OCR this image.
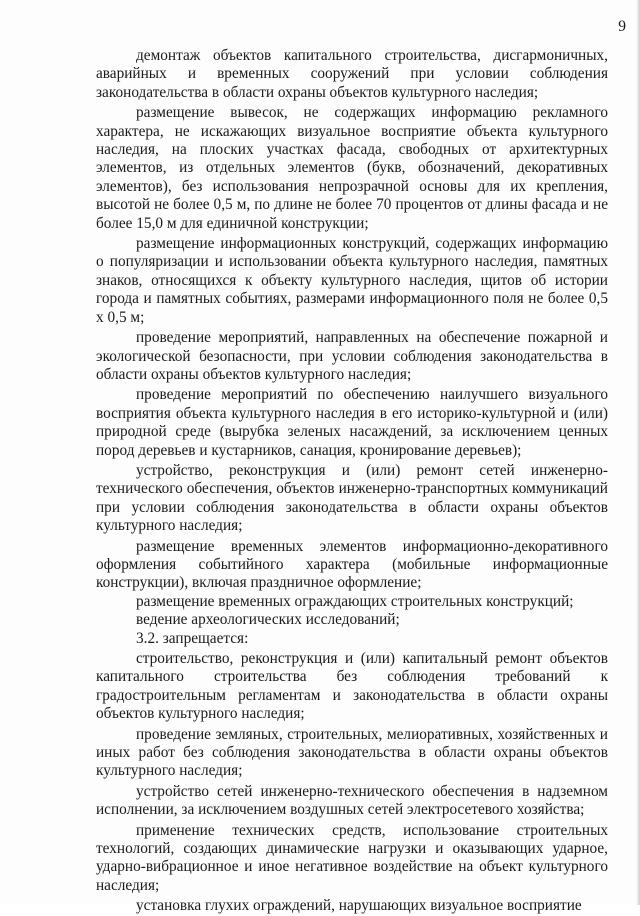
9

демонтаж объектов капитального строительства, дисгармоничных, аварийных и временных сооружений при условии соблюдения законодательства в области охраны объектов культурного наследия;

размещение вывесок, не содержащих информацию рекламного характера, не искажающих визуальное восприятие объекта культурного наследия, на плоских участках фасада, свободных от архитектурных элементов, из отдельных элементов (букв, обозначений, декоративных элементов), без использования непрозрачной основы для их крепления, высотой не более 0,5 м, по длине не более 70 процентов от длины фасада и не более 15,0 м для единичной конструкции;

размещение информационных конструкций, содержащих информацию о популяризации и использовании объекта культурного наследия, памятных знаков, относящихся к объекту культурного наследия, щитов об истории города и памятных событиях, размерами информационного поля не более 0,5 х 0,5 м;

проведение мероприятий, направленных на обеспечение пожарной и экологической безопасности, при условии соблюдения законодательства в области охраны объектов культурного наследия;

проведение мероприятий по обеспечению наилучшего визуального восприятия объекта культурного наследия в его историко-культурной и (или) природной среде (вырубка зеленых насаждений, за исключением ценных пород деревьев и кустарников, санация, кронирование деревьев);

устройство, реконструкция и (или) ремонт сетей инженерно-технического обеспечения, объектов инженерно-транспортных коммуникаций при условии соблюдения законодательства в области охраны объектов культурного наследия;

размещение временных элементов информационно-декоративного оформления событийного характера (мобильные информационные конструкции), включая праздничное оформление;

размещение временных ограждающих строительных конструкций;

ведение археологических исследований;

3.2. запрещается:

строительство, реконструкция и (или) капитальный ремонт объектов капитального строительства без соблюдения требований к градостроительным регламентам и законодательства в области охраны объектов культурного наследия;

проведение земляных, строительных, мелиоративных, хозяйственных и иных работ без соблюдения законодательства в области охраны объектов культурного наследия;

устройство сетей инженерно-технического обеспечения в надземном исполнении, за исключением воздушных сетей электросетевого хозяйства;

применение технических средств, использование строительных технологий, создающих динамические нагрузки и оказывающих ударное, ударно-вибрационное и иное негативное воздействие на объект культурного наследия;

установка глухих ограждений, нарушающих визуальное восприятие
